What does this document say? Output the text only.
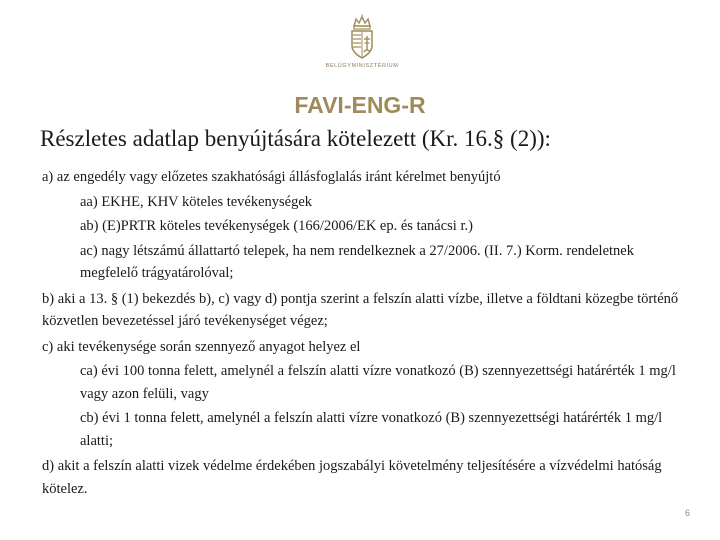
BELÜGYMINISZTÉRIUM
FAVI-ENG-R
Részletes adatlap benyújtására kötelezett (Kr. 16.§ (2)):

a) az engedély vagy előzetes szakhatósági állásfoglalás iránt kérelmet benyújtó

aa) EKHE, KHV köteles tevékenységek

ab) (E)PRTR köteles tevékenységek (166/2006/EK ep. és tanácsi r.)

ac) nagy létszámú állattartó telepek, ha nem rendelkeznek a 27/2006. (II. 7.) Korm. rendeletnek megfelelő trágyatárolóval;

b) aki a 13. § (1) bekezdés b), c) vagy d) pontja szerint a felszín alatti vízbe, illetve a földtani közegbe történő közvetlen bevezetéssel járó tevékenységet végez;

c) aki tevékenysége során szennyező anyagot helyez el

ca) évi 100 tonna felett, amelynél a felszín alatti vízre vonatkozó (B) szennyezettségi határérték 1 mg/l vagy azon felüli, vagy

cb) évi 1 tonna felett, amelynél a felszín alatti vízre vonatkozó (B) szennyezettségi határérték 1 mg/l alatti;

d) akit a felszín alatti vizek védelme érdekében jogszabályi követelmény teljesítésére a vízvédelmi hatóság kötelez.

6
